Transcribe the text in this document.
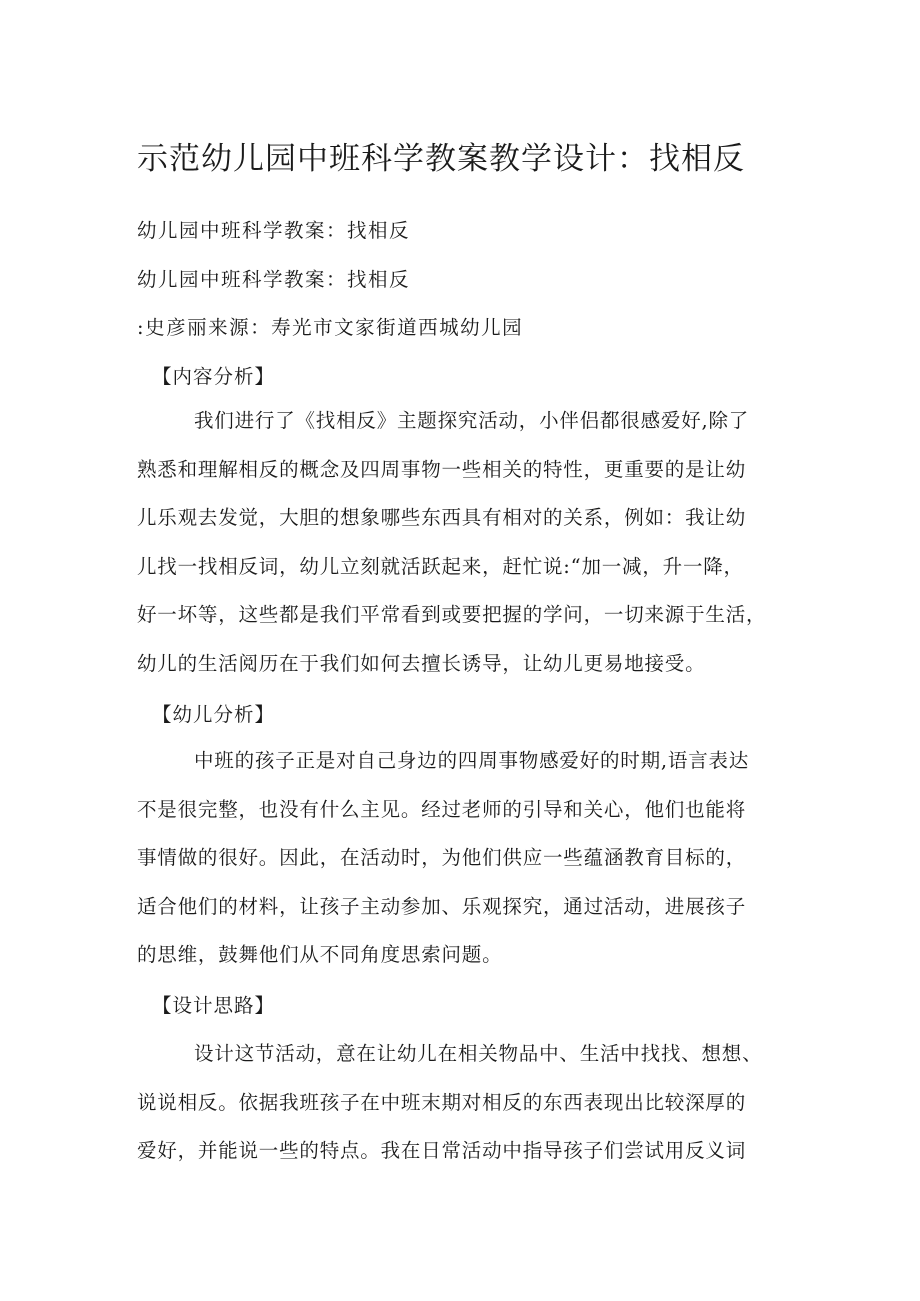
示范幼儿园中班科学教案教学设计：找相反

幼儿园中班科学教案：找相反

幼儿园中班科学教案：找相反

:史彦丽来源：寿光市文家街道西城幼儿园

【内容分析】

我们进行了《找相反》主题探究活动，小伴侣都很感爱好,除了
熟悉和理解相反的概念及四周事物一些相关的特性，更重要的是让幼
儿乐观去发觉，大胆的想象哪些东西具有相对的关系，例如：我让幼
儿找一找相反词，幼儿立刻就活跃起来，赶忙说:“加一减，升一降，
好一坏等，这些都是我们平常看到或要把握的学问，一切来源于生活，
幼儿的生活阅历在于我们如何去擅长诱导，让幼儿更易地接受。

【幼儿分析】

中班的孩子正是对自己身边的四周事物感爱好的时期,语言表达
不是很完整，也没有什么主见。经过老师的引导和关心，他们也能将
事情做的很好。因此，在活动时，为他们供应一些蕴涵教育目标的，
适合他们的材料，让孩子主动参加、乐观探究，通过活动，进展孩子
的思维，鼓舞他们从不同角度思索问题。

【设计思路】

设计这节活动，意在让幼儿在相关物品中、生活中找找、想想、
说说相反。依据我班孩子在中班末期对相反的东西表现出比较深厚的
爱好，并能说一些的特点。我在日常活动中指导孩子们尝试用反义词
